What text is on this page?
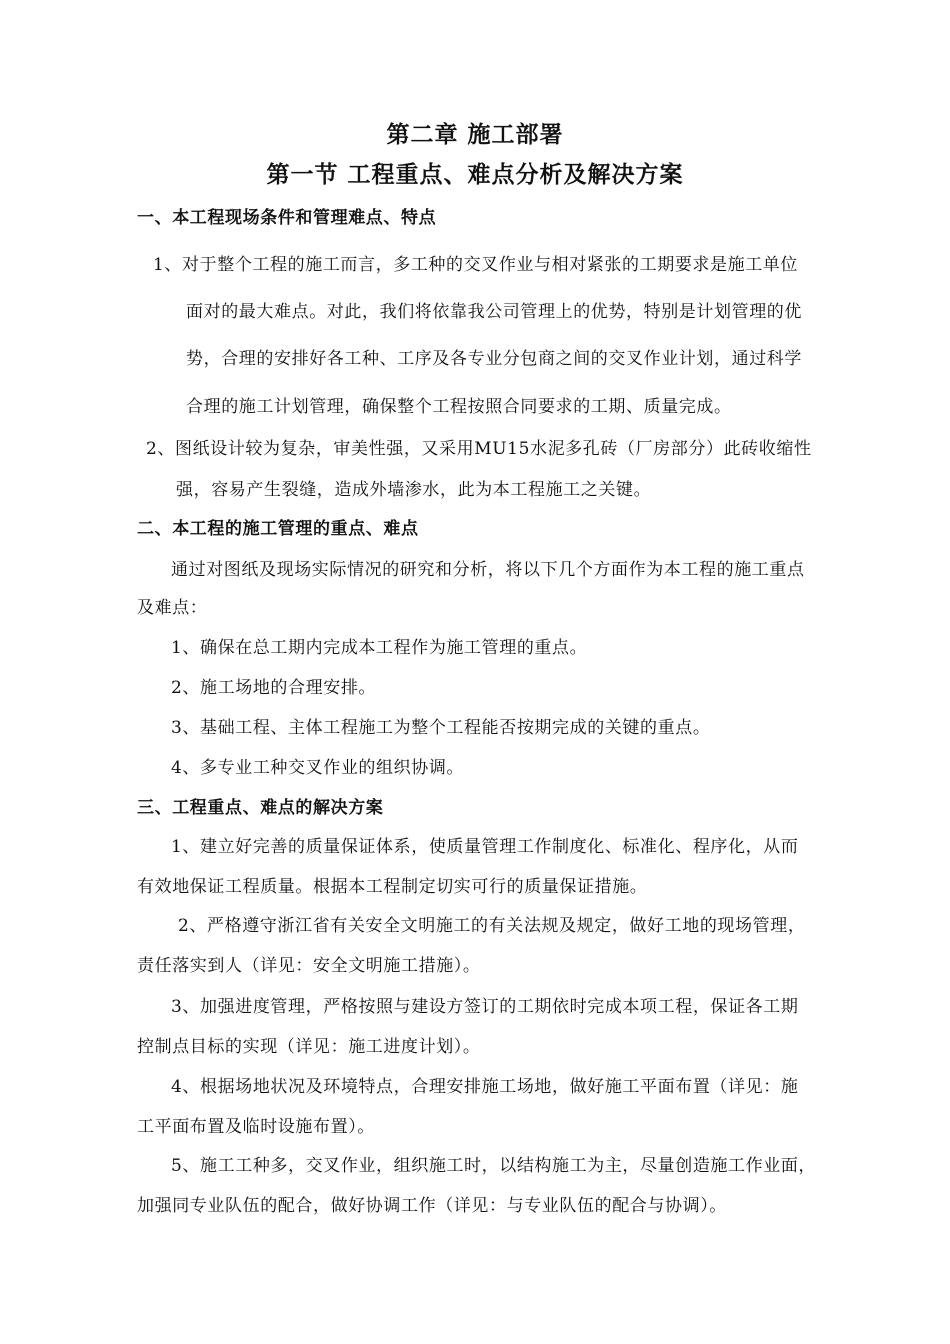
第二章 施工部署
第一节 工程重点、难点分析及解决方案
一、本工程现场条件和管理难点、特点
1、对于整个工程的施工而言，多工种的交叉作业与相对紧张的工期要求是施工单位
面对的最大难点。对此，我们将依靠我公司管理上的优势，特别是计划管理的优
势，合理的安排好各工种、工序及各专业分包商之间的交叉作业计划，通过科学
合理的施工计划管理，确保整个工程按照合同要求的工期、质量完成。
2、图纸设计较为复杂，审美性强，又采用MU15水泥多孔砖（厂房部分）此砖收缩性
强，容易产生裂缝，造成外墙渗水，此为本工程施工之关键。
二、本工程的施工管理的重点、难点
通过对图纸及现场实际情况的研究和分析，将以下几个方面作为本工程的施工重点
及难点：
1、确保在总工期内完成本工程作为施工管理的重点。
2、施工场地的合理安排。
3、基础工程、主体工程施工为整个工程能否按期完成的关键的重点。
4、多专业工种交叉作业的组织协调。
三、工程重点、难点的解决方案
1、建立好完善的质量保证体系，使质量管理工作制度化、标准化、程序化，从而
有效地保证工程质量。根据本工程制定切实可行的质量保证措施。
2、严格遵守浙江省有关安全文明施工的有关法规及规定，做好工地的现场管理，
责任落实到人（详见：安全文明施工措施）。
3、加强进度管理，严格按照与建设方签订的工期依时完成本项工程，保证各工期
控制点目标的实现（详见：施工进度计划）。
4、根据场地状况及环境特点，合理安排施工场地，做好施工平面布置（详见：施
工平面布置及临时设施布置）。
5、施工工种多，交叉作业，组织施工时，以结构施工为主，尽量创造施工作业面，
加强同专业队伍的配合，做好协调工作（详见：与专业队伍的配合与协调）。
